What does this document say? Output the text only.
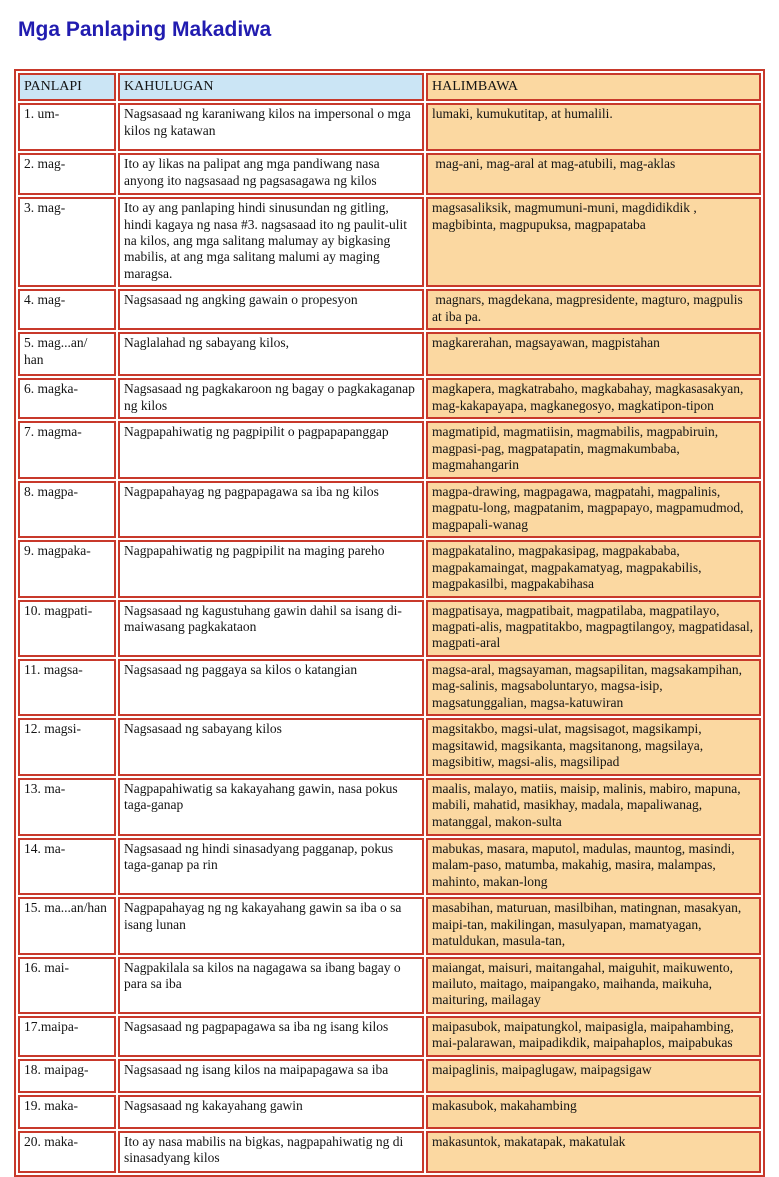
Mga Panlaping Makadiwa
PANLAPI	KAHULUGAN	HALIMBAWA
1. um-	Nagsasaad ng karaniwang kilos na impersonal o mga kilos ng katawan	lumaki, kumukutitap, at humalili.
2. mag-	Ito ay likas na palipat ang mga pandiwang nasa anyong ito nagsasaad ng pagsasagawa ng kilos	mag-ani, mag-aral at mag-atubili, mag-aklas
3. mag-	Ito ay ang panlaping hindi sinusundan ng gitling, hindi kagaya ng nasa #3. nagsasaad ito ng paulit-ulit na kilos, ang mga salitang malumay ay bigkasing mabilis, at ang mga salitang malumi ay maging maragsa.	magsasaliksik, magmumuni-muni, magdidikdik , magbibinta, magpupuksa, magpapataba
4. mag-	Nagsasaad ng angking gawain o propesyon	magnars, magdekana, magpresidente, magturo, magpulis at iba pa.
5. mag...an/ han	Naglalahad ng sabayang kilos,	magkarerahan, magsayawan, magpistahan
6. magka-	Nagsasaad ng pagkakaroon ng bagay o pagkakaganap ng kilos	magkapera, magkatrabaho, magkabahay, magkasasakyan, mag-kakapayapa, magkanegosyo, magkatipon-tipon
7. magma-	Nagpapahiwatig ng pagpipilit o pagpapapanggap	magmatipid, magmatiisin, magmabilis, magpabiruin, magpasi-pag, magpatapatin, magmakumbaba, magmahangarin
8. magpa-	Nagpapahayag ng pagpapagawa sa iba ng kilos	magpa-drawing, magpagawa, magpatahi, magpalinis, magpatu-long, magpatanim, magpapayo, magpamudmod, magpapali-wanag
9. magpaka-	Nagpapahiwatig ng pagpipilit na maging pareho	magpakatalino, magpakasipag, magpakababa, magpakamaingat, magpakamatyag, magpakabilis, magpakasilbi, magpakabihasa
10. magpati-	Nagsasaad ng kagustuhang gawin dahil sa isang di-maiwasang pagkakataon	magpatisaya, magpatibait, magpatilaba, magpatilayo, magpati-alis, magpatitakbo, magpagtilangoy, magpatidasal, magpati-aral
11. magsa-	Nagsasaad ng paggaya sa kilos o katangian	magsa-aral, magsayaman, magsapilitan, magsakampihan, mag-salinis, magsaboluntaryo, magsa-isip, magsatunggalian, magsa-katuwiran
12. magsi-	Nagsasaad ng sabayang kilos	magsitakbo, magsi-ulat, magsisagot, magsikampi, magsitawid, magsikanta, magsitanong, magsilaya, magsibitiw, magsi-alis, magsilipad
13. ma-	Nagpapahiwatig sa kakayahang gawin, nasa pokus taga-ganap	maalis, malayo, matiis, maisip, malinis, mabiro, mapuna, mabili, mahatid, masikhay, madala, mapaliwanag, matanggal, makon-sulta
14. ma-	Nagsasaad ng hindi sinasadyang pagganap, pokus taga-ganap pa rin	mabukas, masara, maputol, madulas, mauntog, masindi, malam-paso, matumba, makahig, masira, malampas, mahinto, makan-long
15. ma...an/han	Nagpapahayag ng ng kakayahang gawin sa iba o sa isang lunan	masabihan, maturuan, masilbihan, matingnan, masakyan, maipi-tan, makilingan, masulyapan, mamatyagan, matuldukan, masula-tan,
16. mai-	Nagpakilala sa kilos na nagagawa sa ibang bagay o para sa iba	maiangat, maisuri, maitangahal, maiguhit, maikuwento, mailuto, maitago, maipangako, maihanda, maikuha, maituring, mailagay
17.maipa-	Nagsasaad ng pagpapagawa sa iba ng isang kilos	maipasubok, maipatungkol, maipasigla, maipahambing, mai-palarawan, maipadikdik, maipahaplos, maipabukas
18. maipag-	Nagsasaad ng isang kilos na maipapagawa sa iba	maipaglinis, maipaglugaw, maipagsigaw
19. maka-	Nagsasaad ng kakayahang gawin	makasubok, makahambing
20. maka-	Ito ay nasa mabilis na bigkas, nagpapahiwatig ng di sinasadyang kilos	makasuntok, makatapak, makatulak
